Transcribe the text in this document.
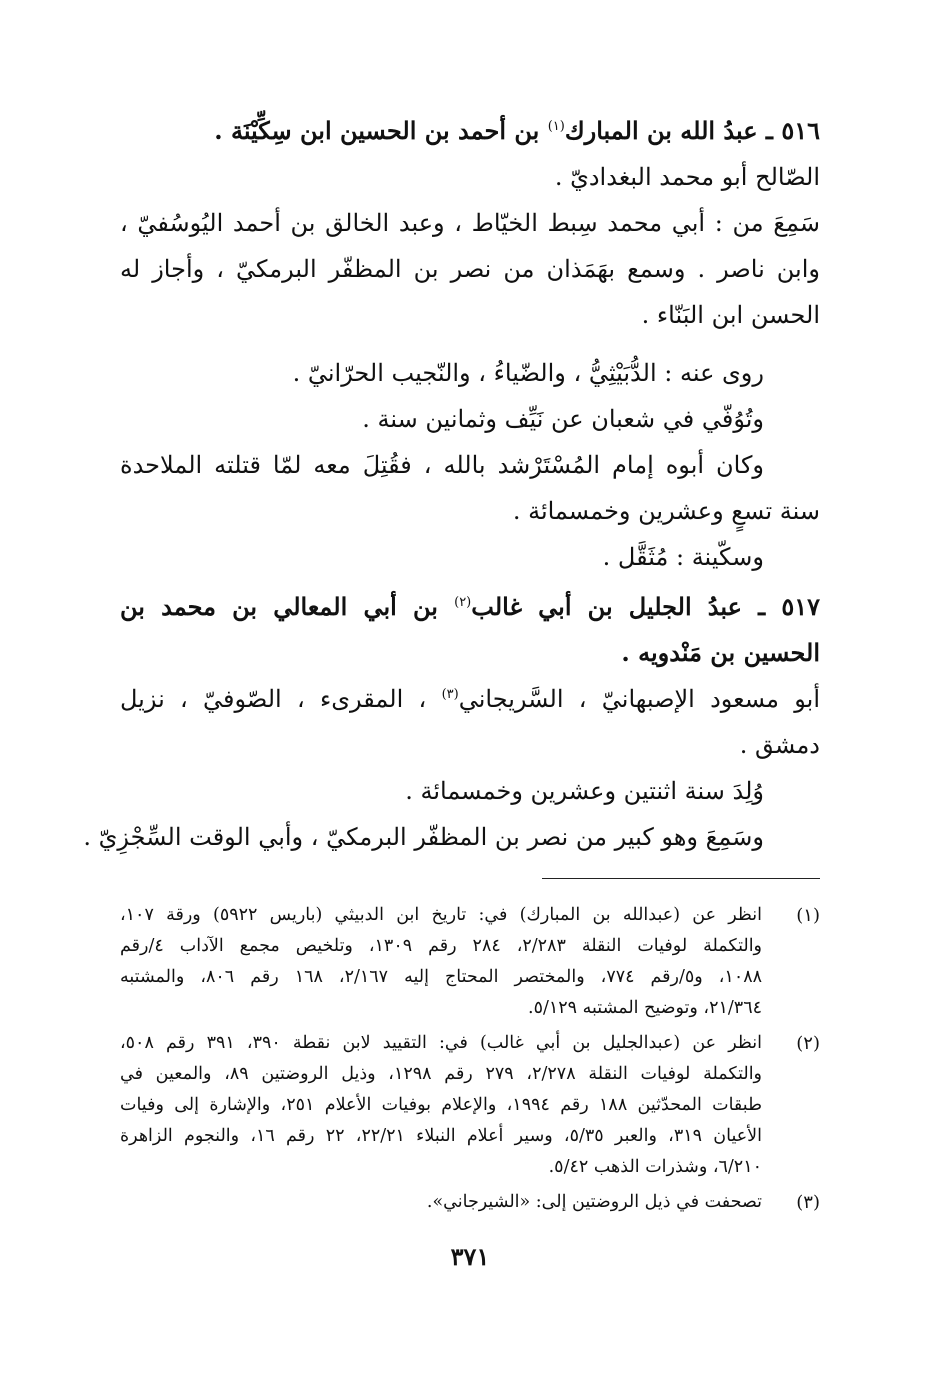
٥١٦ ـ عبدُ الله بن المبارك$^{(١)}$ بن أحمد بن الحسين ابن سِكِّيْنَة .

الصّالح أبو محمد البغداديّ .

سَمِعَ من : أبي محمد سِبط الخيّاط ، وعبد الخالق بن أحمد اليُوسُفيّ ،

وابن ناصر . وسمع بهَمَذان من نصر بن المظفّر البرمكيّ ، وأجاز له

الحسن ابن البَنّاء .

روى عنه : الدُّبَيْثِيُّ ، والضّياءُ ، والنّجيب الحرّانيّ .

وتُوُفّي في شعبان عن نَيِّف وثمانين سنة .

وكان أبوه إمام المُسْتَرْشد بالله ، فقُتِلَ معه لمّا قتلته الملاحدة

سنة تسعٍ وعشرين وخمسمائة .

وسكّينة : مُثَقَّل .

٥١٧ ـ عبدُ الجليل بن أبي غالب$^{(٢)}$ بن أبي المعالي بن محمد بن

الحسين بن مَنْدويه .

أبو مسعود الإصبهانيّ ، السَّريجاني$^{(٣)}$ ، المقرىء ، الصّوفيّ ، نزيل

دمشق .

وُلِدَ سنة اثنتين وعشرين وخمسمائة .

وسَمِعَ وهو كبير من نصر بن المظفّر البرمكيّ ، وأبي الوقت السِّجْزِيّ .

(١)

انظر عن (عبدالله بن المبارك) في: تاريخ ابن الدبيثي (باريس ٥٩٢٢) ورقة ١٠٧،

والتكملة لوفيات النقلة ٢/٢٨٣، ٢٨٤ رقم ١٣٠٩، وتلخيص مجمع الآداب ٤/رقم

١٠٨٨، و٥/رقم ٧٧٤، والمختصر المحتاج إليه ٢/١٦٧، ١٦٨ رقم ٨٠٦، والمشتبه

٢١/٣٦٤، وتوضيح المشتبه ٥/١٢٩.

(٢)

انظر عن (عبدالجليل بن أبي غالب) في: التقييد لابن نقطة ٣٩٠، ٣٩١ رقم ٥٠٨،

والتكملة لوفيات النقلة ٢/٢٧٨، ٢٧٩ رقم ١٢٩٨، وذيل الروضتين ٨٩، والمعين في

طبقات المحدّثين ١٨٨ رقم ١٩٩٤، والإعلام بوفيات الأعلام ٢٥١، والإشارة إلى وفيات

الأعيان ٣١٩، والعبر ٥/٣٥، وسير أعلام النبلاء ٢٢/٢١، ٢٢ رقم ١٦، والنجوم الزاهرة

٦/٢١٠، وشذرات الذهب ٥/٤٢.

(٣)

تصحفت في ذيل الروضتين إلى: «الشيرجاني».

٣٧١
